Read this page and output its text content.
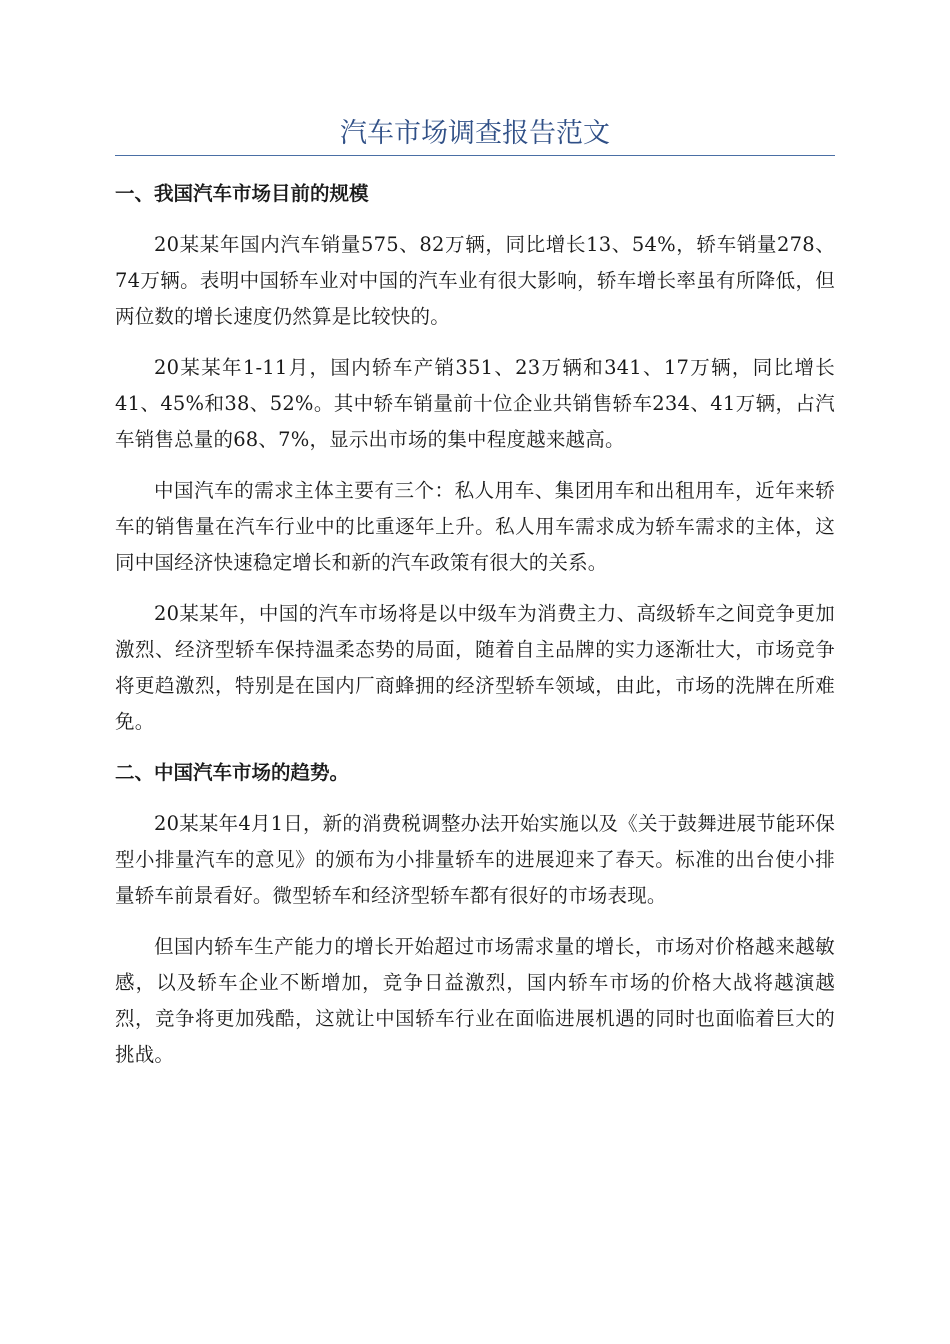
汽车市场调查报告范文
一、我国汽车市场目前的规模

20某某年国内汽车销量575、82万辆，同比增长13、54%，轿车销量278、74万辆。表明中国轿车业对中国的汽车业有很大影响，轿车增长率虽有所降低，但两位数的增长速度仍然算是比较快的。

20某某年1-11月，国内轿车产销351、23万辆和341、17万辆，同比增长41、45%和38、52%。其中轿车销量前十位企业共销售轿车234、41万辆，占汽车销售总量的68、7%，显示出市场的集中程度越来越高。

中国汽车的需求主体主要有三个：私人用车、集团用车和出租用车，近年来轿车的销售量在汽车行业中的比重逐年上升。私人用车需求成为轿车需求的主体，这同中国经济快速稳定增长和新的汽车政策有很大的关系。

20某某年，中国的汽车市场将是以中级车为消费主力、高级轿车之间竞争更加激烈、经济型轿车保持温柔态势的局面，随着自主品牌的实力逐渐壮大，市场竞争将更趋激烈，特别是在国内厂商蜂拥的经济型轿车领域，由此，市场的洗牌在所难免。

二、中国汽车市场的趋势。

20某某年4月1日，新的消费税调整办法开始实施以及《关于鼓舞进展节能环保型小排量汽车的意见》的颁布为小排量轿车的进展迎来了春天。标准的出台使小排量轿车前景看好。微型轿车和经济型轿车都有很好的市场表现。

但国内轿车生产能力的增长开始超过市场需求量的增长，市场对价格越来越敏感，以及轿车企业不断增加，竞争日益激烈，国内轿车市场的价格大战将越演越烈，竞争将更加残酷，这就让中国轿车行业在面临进展机遇的同时也面临着巨大的挑战。
